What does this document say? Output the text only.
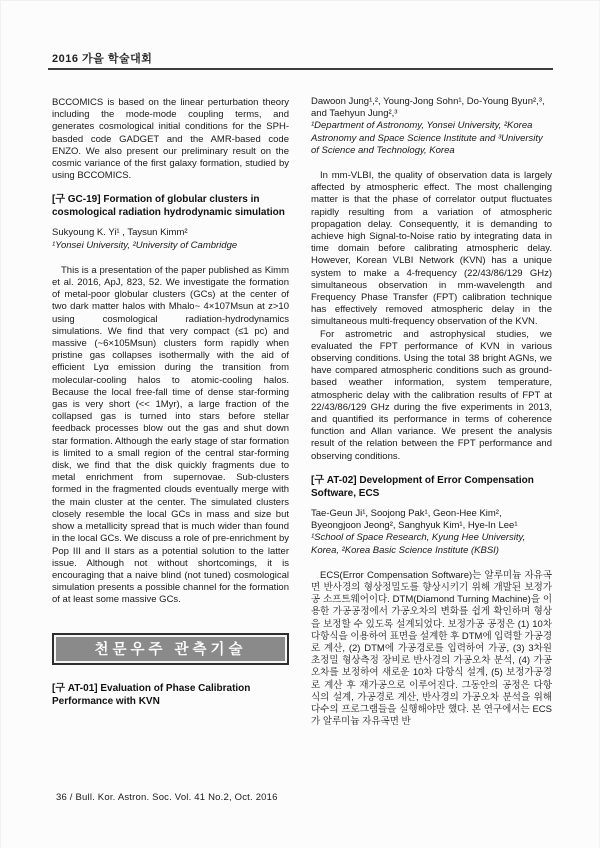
2016 가을 학술대회

BCCOMICS is based on the linear perturbation theory including the mode-mode coupling terms, and generates cosmological initial conditions for the SPH-basded code GADGET and the AMR-based code ENZO. We also present our preliminary result on the cosmic variance of the first galaxy formation, studied by using BCCOMICS.

[구 GC-19] Formation of globular clusters in cosmological radiation hydrodynamic simulation

Sukyoung K. Yi¹ , Taysun Kimm²

¹Yonsei University, ²University of Cambridge

This is a presentation of the paper published as Kimm et al. 2016, ApJ, 823, 52. We investigate the formation of metal-poor globular clusters (GCs) at the center of two dark matter halos with Mhalo~ 4×107Msun at z>10 using cosmological radiation-hydrodynamics simulations. We find that very compact (≤1 pc) and massive (~6×105Msun) clusters form rapidly when pristine gas collapses isothermally with the aid of efficient Lyα emission during the transition from molecular-cooling halos to atomic-cooling halos. Because the local free-fall time of dense star-forming gas is very short (<< 1Myr), a large fraction of the collapsed gas is turned into stars before stellar feedback processes blow out the gas and shut down star formation. Although the early stage of star formation is limited to a small region of the central star-forming disk, we find that the disk quickly fragments due to metal enrichment from supernovae. Sub-clusters formed in the fragmented clouds eventually merge with the main cluster at the center. The simulated clusters closely resemble the local GCs in mass and size but show a metallicity spread that is much wider than found in the local GCs. We discuss a role of pre-enrichment by Pop III and II stars as a potential solution to the latter issue. Although not without shortcomings, it is encouraging that a naive blind (not tuned) cosmological simulation presents a possible channel for the formation of at least some massive GCs.

천문우주 관측기술
[구 AT-01] Evaluation of Phase Calibration Performance with KVN

Dawoon Jung¹,², Young-Jong Sohn¹, Do-Young Byun²,³, and Taehyun Jung²,³

¹Department of Astronomy, Yonsei University, ²Korea Astronomy and Space Science Institute and ³University of Science and Technology, Korea

In mm-VLBI, the quality of observation data is largely affected by atmospheric effect. The most challenging matter is that the phase of correlator output fluctuates rapidly resulting from a variation of atmospheric propagation delay. Consequently, it is demanding to achieve high Signal-to-Noise ratio by integrating data in time domain before calibrating atmospheric delay. However, Korean VLBI Network (KVN) has a unique system to make a 4-frequency (22/43/86/129 GHz) simultaneous observation in mm-wavelength and Frequency Phase Transfer (FPT) calibration technique has effectively removed atmospheric delay in the simultaneous multi-frequency observation of the KVN.

For astrometric and astrophysical studies, we evaluated the FPT performance of KVN in various observing conditions. Using the total 38 bright AGNs, we have compared atmospheric conditions such as ground-based weather information, system temperature, atmospheric delay with the calibration results of FPT at 22/43/86/129 GHz during the five experiments in 2013, and quantified its performance in terms of coherence function and Allan variance. We present the analysis result of the relation between the FPT performance and observing conditions.

[구 AT-02] Development of Error Compensation Software, ECS

Tae-Geun Ji¹, Soojong Pak¹, Geon-Hee Kim², Byeongjoon Jeong², Sanghyuk Kim¹, Hye-In Lee¹

¹School of Space Research, Kyung Hee University, Korea, ²Korea Basic Science Institute (KBSI)

ECS(Error Compensation Software)는 알루미늄 자유곡면 반사경의 형상정밀도를 향상시키기 위해 개발된 보정가공 소프트웨어이다. DTM(Diamond Turning Machine)을 이용한 가공공정에서 가공오차의 변화를 쉽게 확인하며 형상을 보정할 수 있도록 설계되었다. 보정가공 공정은 (1) 10차 다항식을 이용하여 표면을 설계한 후 DTM에 입력할 가공경로 계산, (2) DTM에 가공경로를 입력하여 가공, (3) 3차원 초정밀 형상측정 장비로 반사경의 가공오차 분석, (4) 가공오차를 보정하여 새로운 10차 다항식 설계, (5) 보정가공경로 계산 후 재가공으로 이루어진다. 그동안의 공정은 다항식의 설계, 가공경로 계산, 반사경의 가공오차 분석을 위해 다수의 프로그램들을 실행해야만 했다. 본 연구에서는 ECS가 알루미늄 자유곡면 반

36 / Bull. Kor. Astron. Soc. Vol. 41 No.2, Oct. 2016
